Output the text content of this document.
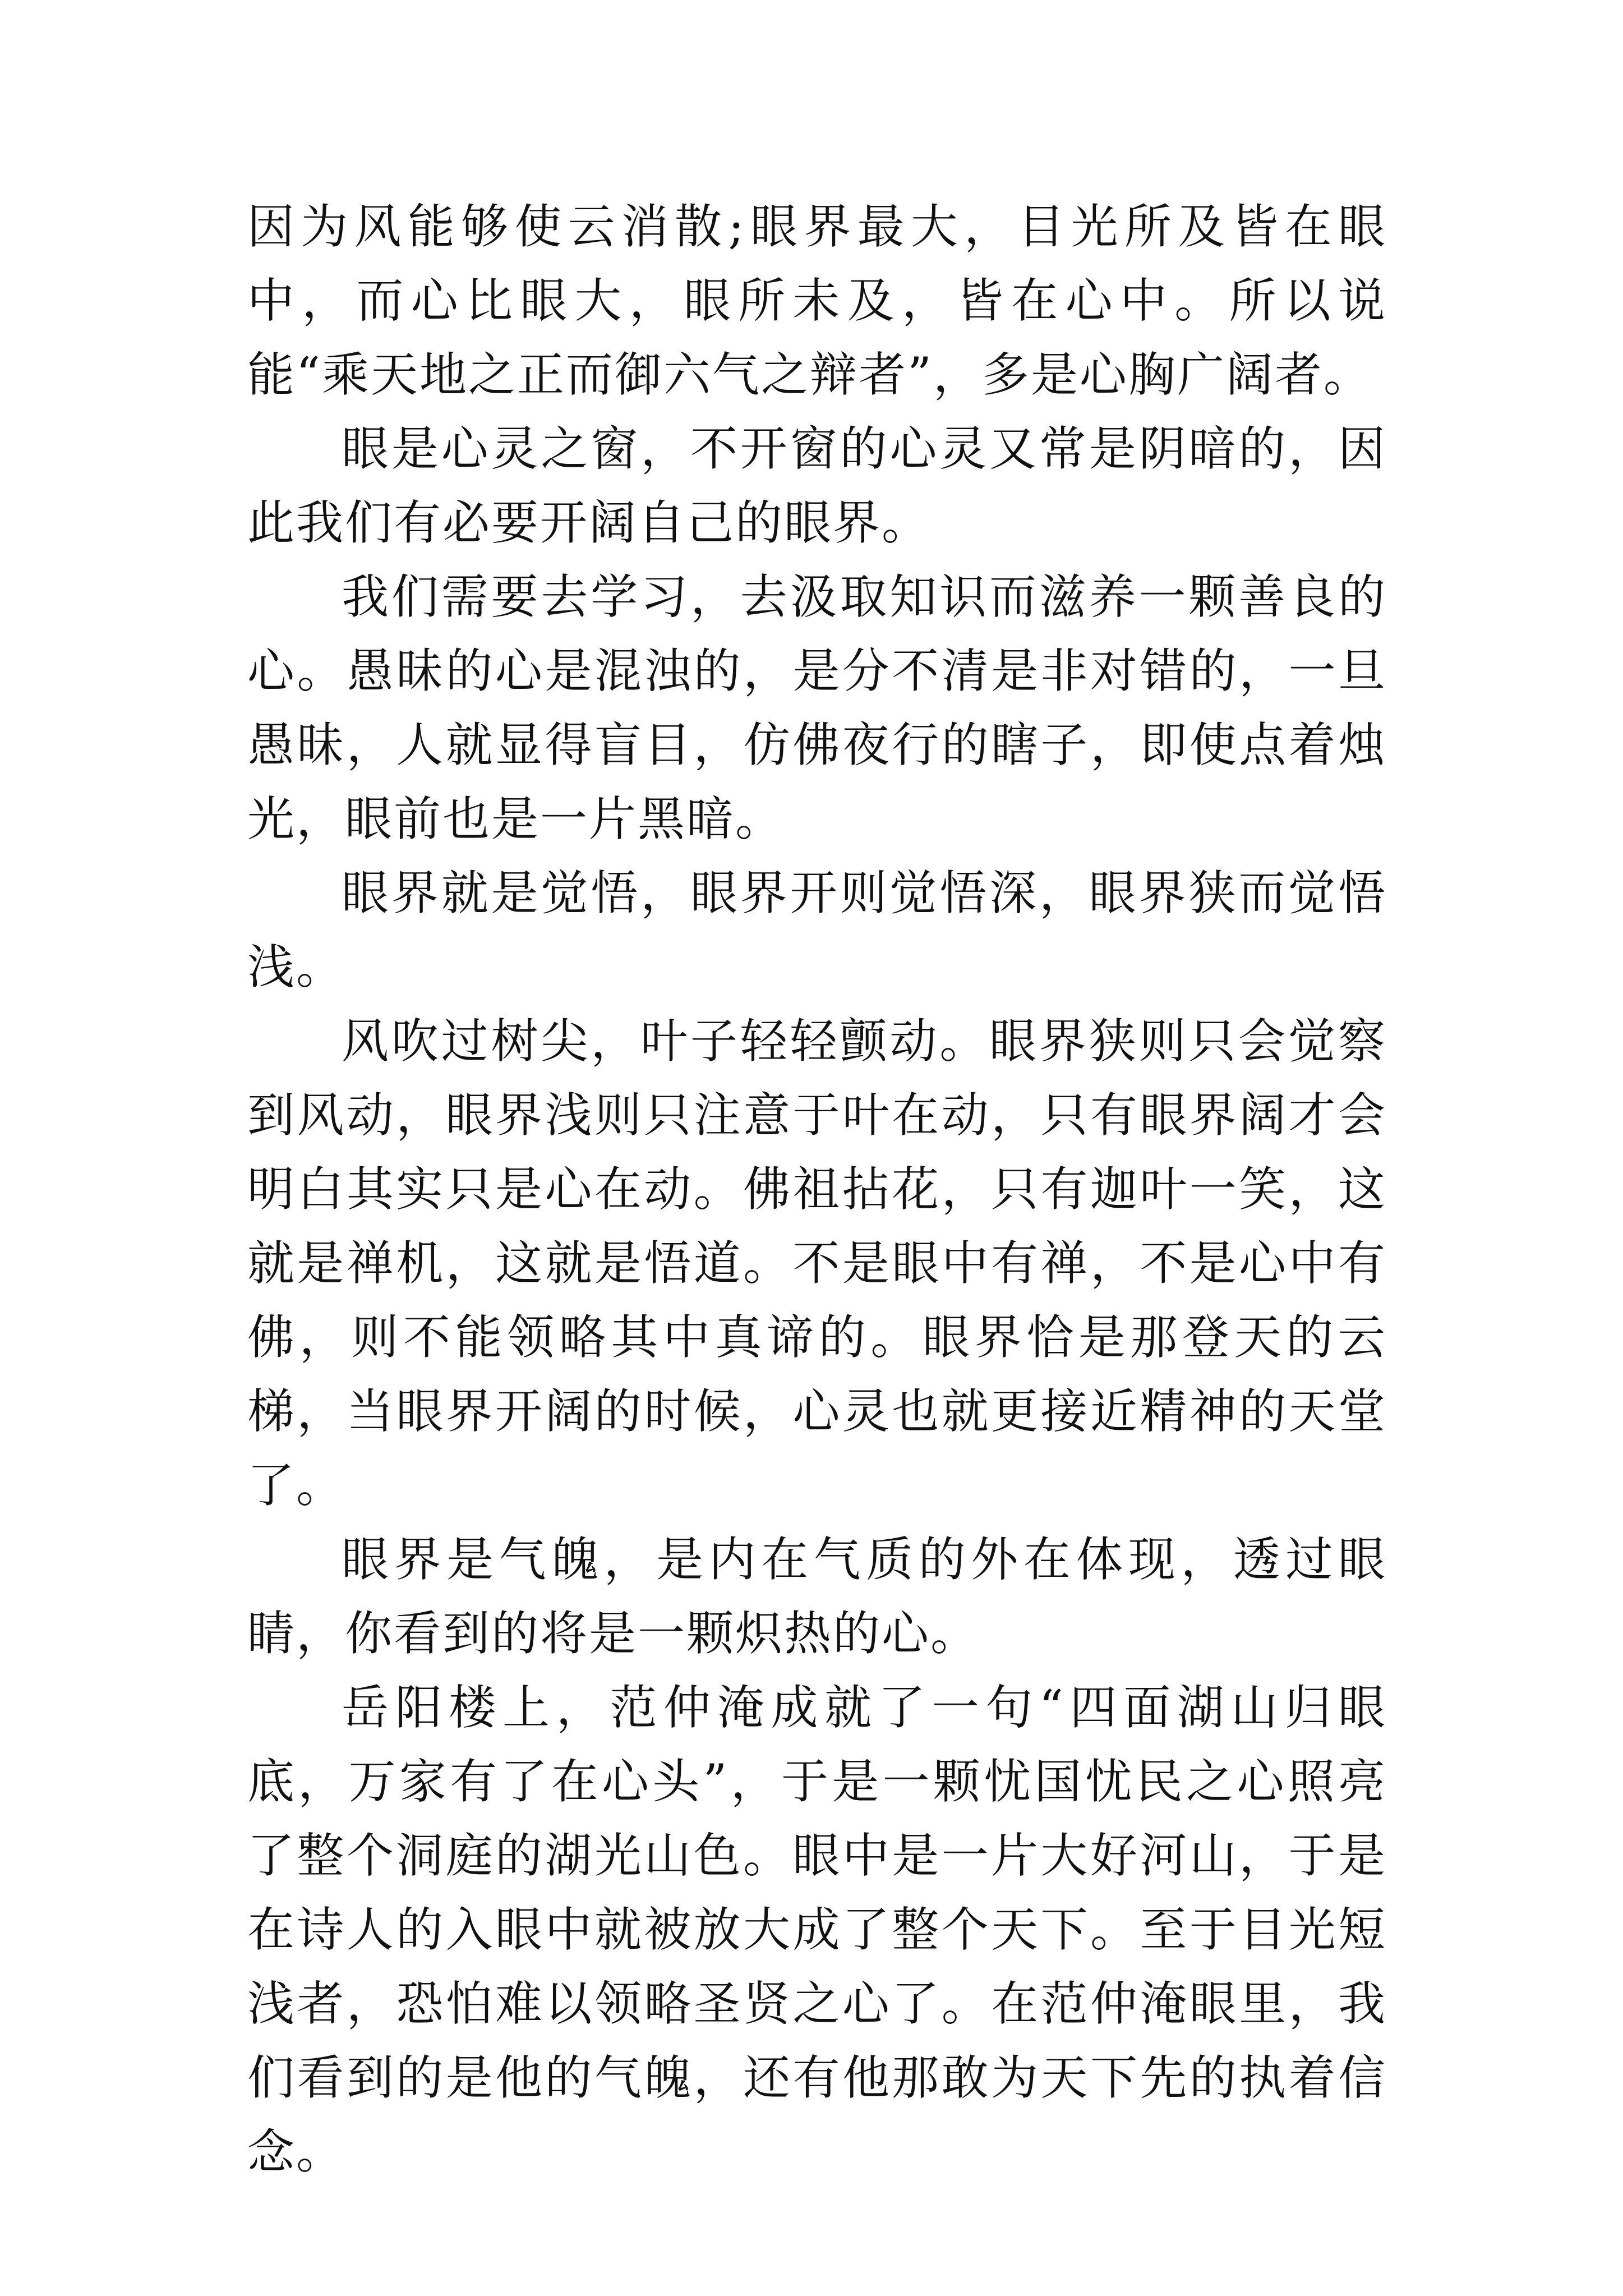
因为风能够使云消散;眼界最大，目光所及皆在眼中，而心比眼大，眼所未及，皆在心中。所以说能“乘天地之正而御六气之辩者”，多是心胸广阔者。

眼是心灵之窗，不开窗的心灵又常是阴暗的，因此我们有必要开阔自己的眼界。

我们需要去学习，去汲取知识而滋养一颗善良的心。愚昧的心是混浊的，是分不清是非对错的，一旦愚昧，人就显得盲目，仿佛夜行的瞎子，即使点着烛光，眼前也是一片黑暗。

眼界就是觉悟，眼界开则觉悟深，眼界狭而觉悟浅。

风吹过树尖，叶子轻轻颤动。眼界狭则只会觉察到风动，眼界浅则只注意于叶在动，只有眼界阔才会明白其实只是心在动。佛祖拈花，只有迦叶一笑，这就是禅机，这就是悟道。不是眼中有禅，不是心中有佛，则不能领略其中真谛的。眼界恰是那登天的云梯，当眼界开阔的时候，心灵也就更接近精神的天堂了。

眼界是气魄，是内在气质的外在体现，透过眼睛，你看到的将是一颗炽热的心。

岳阳楼上，范仲淹成就了一句“四面湖山归眼底，万家有了在心头”，于是一颗忧国忧民之心照亮了整个洞庭的湖光山色。眼中是一片大好河山，于是在诗人的入眼中就被放大成了整个天下。至于目光短浅者，恐怕难以领略圣贤之心了。在范仲淹眼里，我们看到的是他的气魄，还有他那敢为天下先的执着信念。
